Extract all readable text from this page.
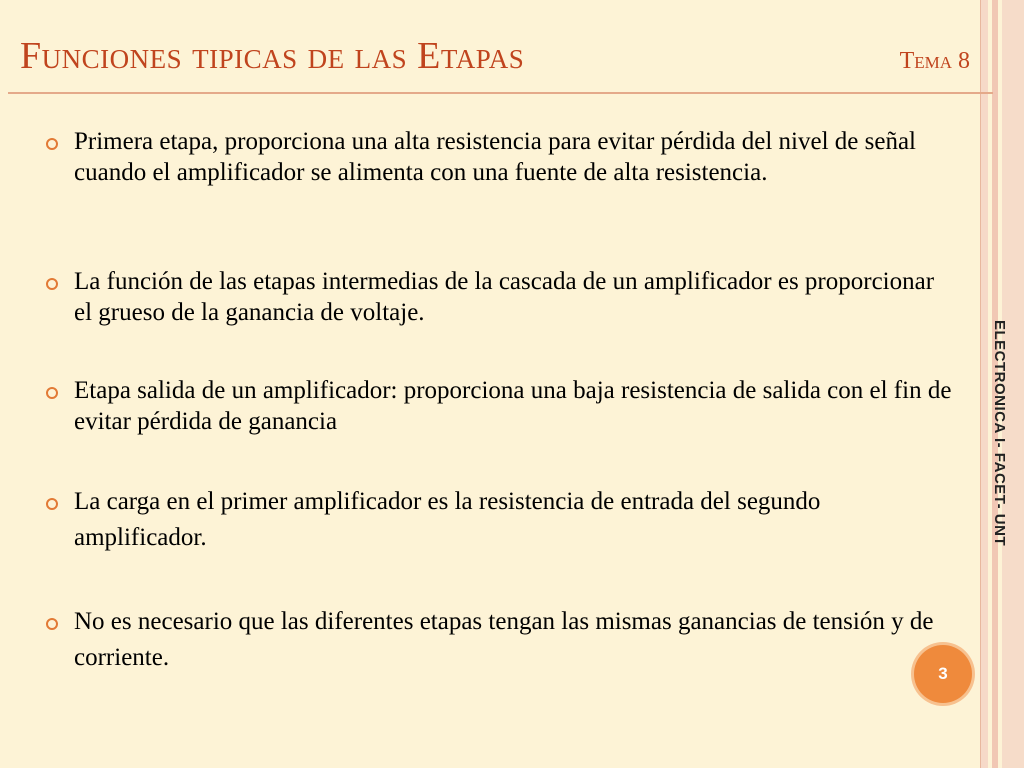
Funciones tipicas de las Etapas	Tema 8
Primera etapa, proporciona una alta resistencia para evitar pérdida del nivel de señal cuando el amplificador se alimenta con una fuente de alta resistencia.
La función de las etapas intermedias de la cascada de un amplificador es proporcionar el grueso de la ganancia de voltaje.
Etapa salida de un amplificador: proporciona una baja resistencia de salida con el fin de evitar pérdida de ganancia
La carga en el primer amplificador es la resistencia de entrada del segundo amplificador.
No es necesario que las diferentes etapas tengan las mismas ganancias de tensión y de corriente.
ELECTRONICA I- FACET- UNT
3
